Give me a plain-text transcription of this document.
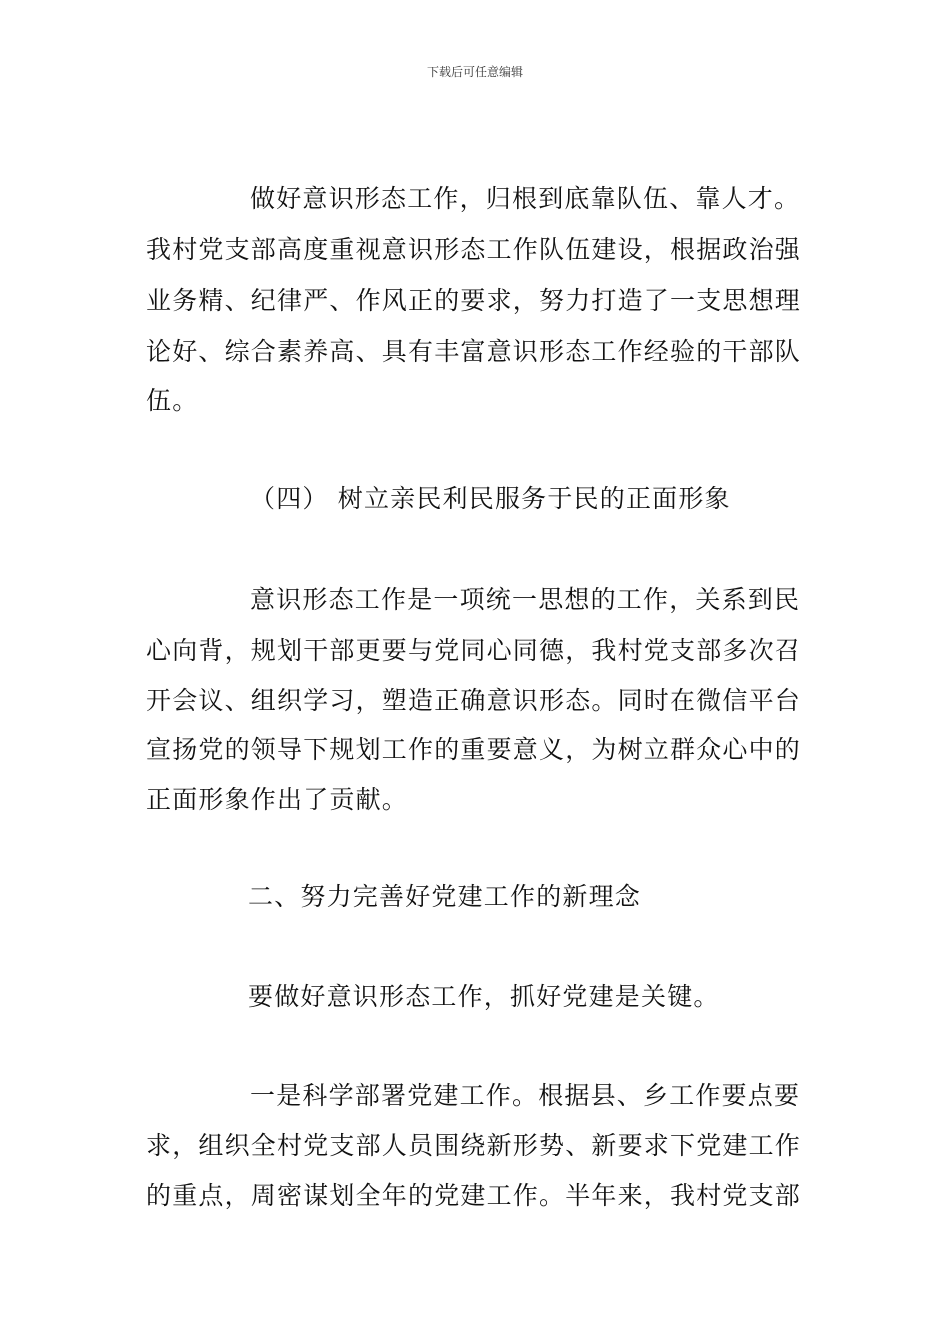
下载后可任意编辑
做好意识形态工作，归根到底靠队伍、靠人才。
我村党支部高度重视意识形态工作队伍建设，根据政治强
业务精、纪律严、作风正的要求，努力打造了一支思想理
论好、综合素养高、具有丰富意识形态工作经验的干部队
伍。
（四） 树立亲民利民服务于民的正面形象
意识形态工作是一项统一思想的工作，关系到民
心向背，规划干部更要与党同心同德，我村党支部多次召
开会议、组织学习，塑造正确意识形态。同时在微信平台
宣扬党的领导下规划工作的重要意义，为树立群众心中的
正面形象作出了贡献。
二、努力完善好党建工作的新理念
要做好意识形态工作，抓好党建是关键。
一是科学部署党建工作。根据县、乡工作要点要
求，组织全村党支部人员围绕新形势、新要求下党建工作
的重点，周密谋划全年的党建工作。半年来，我村党支部
